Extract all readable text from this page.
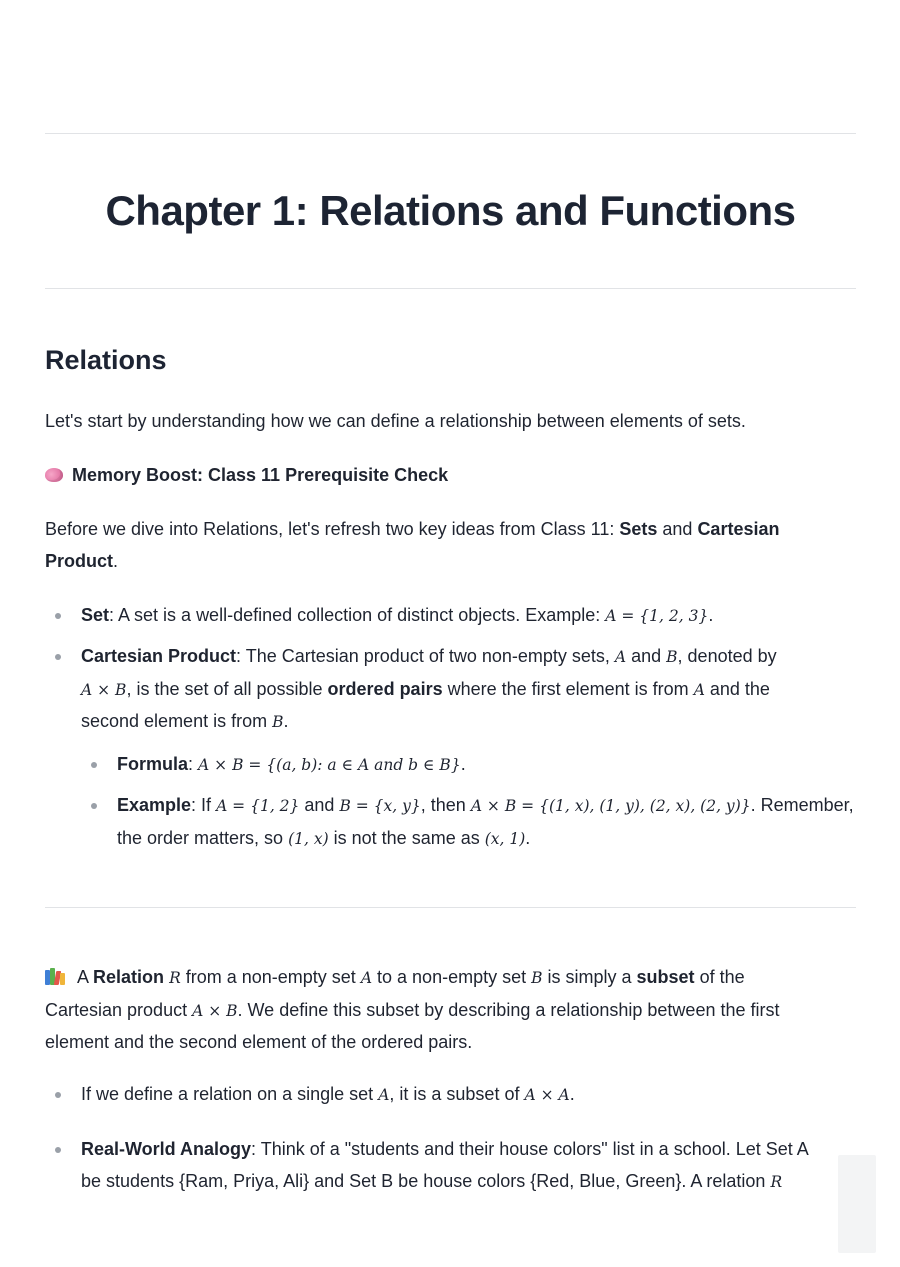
Chapter 1: Relations and Functions
Relations

Let's start by understanding how we can define a relationship between elements of sets.

Memory Boost: Class 11 Prerequisite Check

Before we dive into Relations, let's refresh two key ideas from Class 11: Sets and Cartesian Product.

Set: A set is a well-defined collection of distinct objects. Example: A = {1, 2, 3}.

Cartesian Product: The Cartesian product of two non-empty sets, A and B, denoted by
A × B, is the set of all possible ordered pairs where the first element is from A and the
second element is from B.

Formula: A × B = {(a, b): a ∈ A and b ∈ B}.

Example: If A = {1, 2} and B = {x, y}, then A × B = {(1, x), (1, y), (2, x), (2, y)}. Remember,
the order matters, so (1, x) is not the same as (x, 1).

A Relation R from a non-empty set A to a non-empty set B is simply a subset of the
Cartesian product A × B. We define this subset by describing a relationship between the first
element and the second element of the ordered pairs.

If we define a relation on a single set A, it is a subset of A × A.

Real-World Analogy: Think of a "students and their house colors" list in a school. Let Set A
be students {Ram, Priya, Ali} and Set B be house colors {Red, Blue, Green}. A relation R
